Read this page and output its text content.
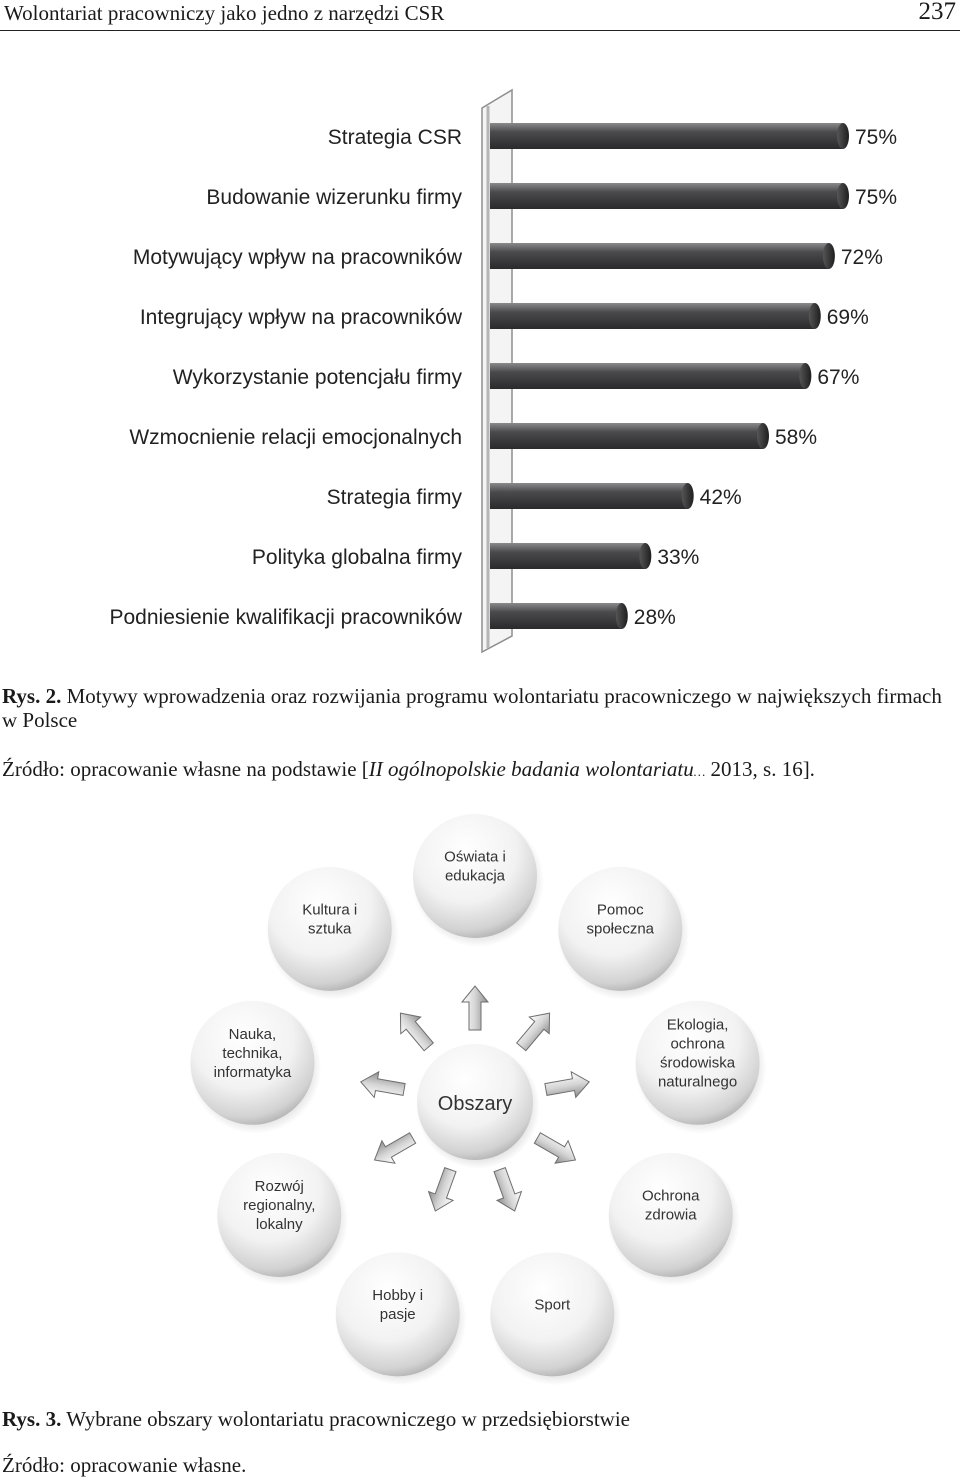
Wolontariat pracowniczy jako jedno z narzędzi CSR	237
Strategia CSR	75%
Budowanie wizerunku firmy	75%
Motywujący wpływ na pracowników	72%
Integrujący wpływ na pracowników	69%
Wykorzystanie potencjału firmy	67%
Wzmocnienie relacji emocjonalnych	58%
Strategia firmy	42%
Polityka globalna firmy	33%
Podniesienie kwalifikacji pracowników	28%
Rys. 2. Motywy wprowadzenia oraz rozwijania programu wolontariatu pracowniczego w największych firmach w Polsce
Źródło: opracowanie własne na podstawie [II ogólnopolskie badania wolontariatu… 2013, s. 16].
Oświata i edukacja
Pomoc społeczna
Ekologia, ochrona środowiska naturalnego
Ochrona zdrowia
Sport
Hobby i pasje
Rozwój regionalny, lokalny
Nauka, technika, informatyka
Kultura i sztuka
Obszary
Rys. 3. Wybrane obszary wolontariatu pracowniczego w przedsiębiorstwie
Źródło: opracowanie własne.
